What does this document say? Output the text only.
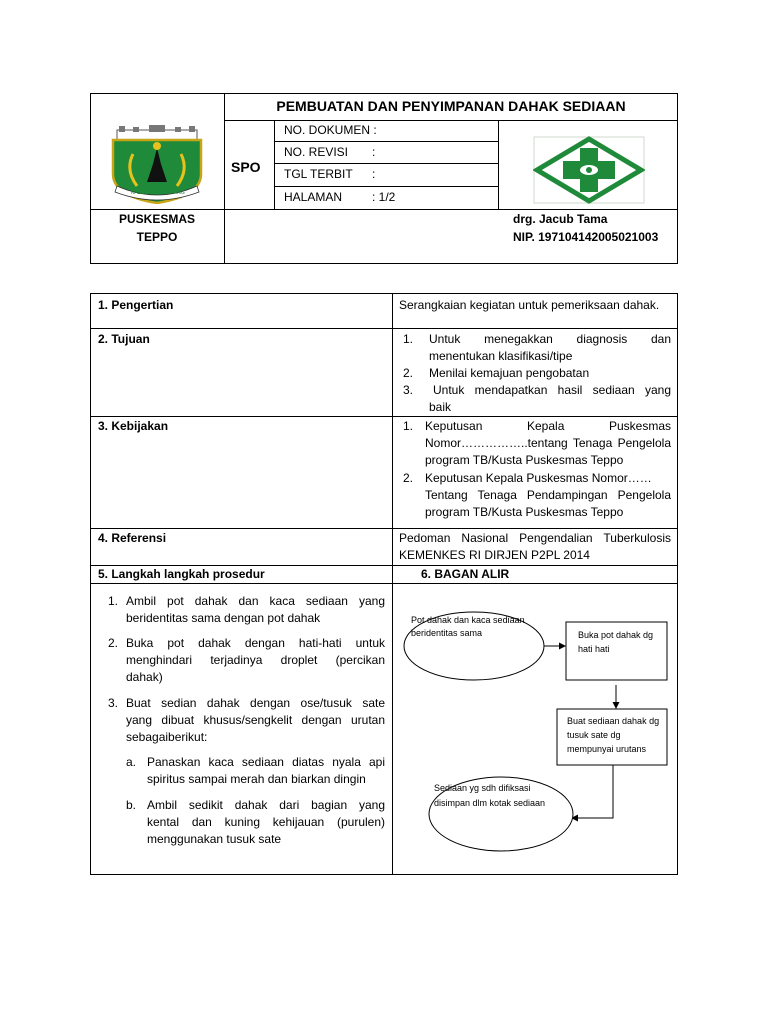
KABUPATEN PINRANG
PEMBUATAN DAN PENYIMPANAN DAHAK SEDIAAN
SPO
NO. DOKUMEN :
NO. REVISI :
TGL TERBIT :
HALAMAN : 1/2
PUSKESMAS
TEPPO
drg. Jacub Tama
NIP. 197104142005021003
1. Pengertian	Serangkaian kegiatan untuk pemeriksaan dahak.
2. Tujuan	1. Untuk menegakkan diagnosis dan
menentukan klasifikasi/tipe
2. Menilai kemajuan pengobatan
3. Untuk mendapatkan hasil sediaan yang
baik
3. Kebijakan	1. Keputusan Kepala Puskesmas
Nomor……………..tentang Tenaga Pengelola
program TB/Kusta Puskesmas Teppo
2. Keputusan Kepala Puskesmas Nomor……
Tentang Tenaga Pendampingan Pengelola
program TB/Kusta Puskesmas Teppo
4. Referensi	Pedoman Nasional Pengendalian Tuberkulosis
KEMENKES RI DIRJEN P2PL 2014
5. Langkah langkah prosedur	6. BAGAN ALIR
1. Ambil pot dahak dan kaca sediaan yang
beridentitas sama dengan pot dahak
2. Buka pot dahak dengan hati-hati untuk
menghindari terjadinya droplet (percikan
dahak)
3. Buat sedian dahak dengan ose/tusuk sate
yang dibuat khusus/sengkelit dengan urutan
sebagaiberikut:
a. Panaskan kaca sediaan diatas nyala api
spiritus sampai merah dan biarkan dingin
b. Ambil sedikit dahak dari bagian yang
kental dan kuning kehijauan (purulen)
menggunakan tusuk sate
Pot dahak dan kaca sediaan
beridentitas sama	Buka pot dahak dg
hati hati
Buat sediaan dahak dg
tusuk sate dg
mempunyai urutans
Sediaan yg sdh difiksasi
disimpan dlm kotak sediaan
